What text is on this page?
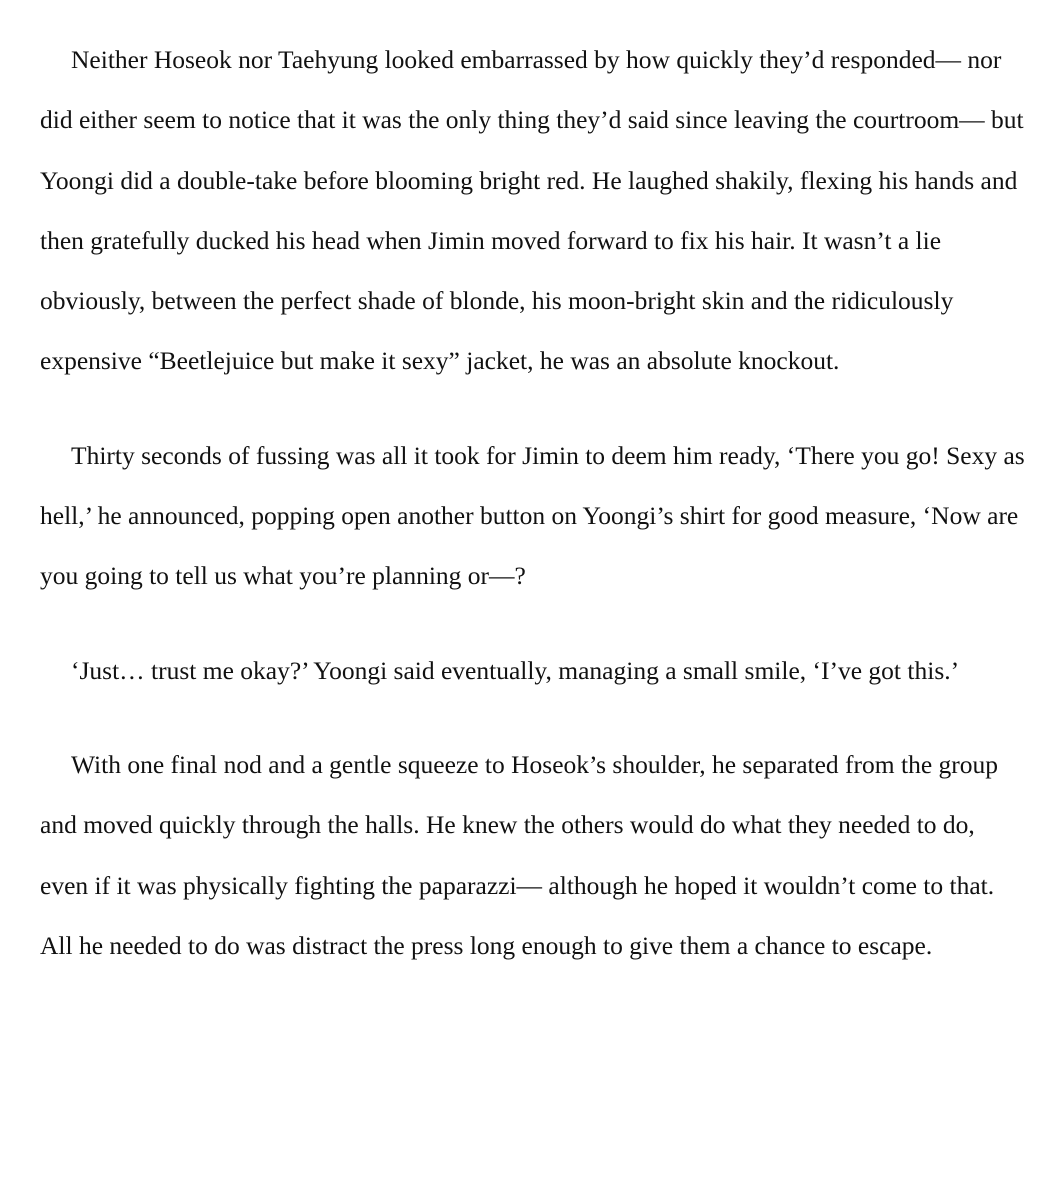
Neither Hoseok nor Taehyung looked embarrassed by how quickly they’d responded— nor did either seem to notice that it was the only thing they’d said since leaving the courtroom— but Yoongi did a double-take before blooming bright red. He laughed shakily, flexing his hands and then gratefully ducked his head when Jimin moved forward to fix his hair. It wasn’t a lie obviously, between the perfect shade of blonde, his moon-bright skin and the ridiculously expensive “Beetlejuice but make it sexy” jacket, he was an absolute knockout.

Thirty seconds of fussing was all it took for Jimin to deem him ready, ‘There you go! Sexy as hell,’ he announced, popping open another button on Yoongi’s shirt for good measure, ‘Now are you going to tell us what you’re planning or—?

‘Just… trust me okay?’ Yoongi said eventually, managing a small smile, ‘I’ve got this.’

With one final nod and a gentle squeeze to Hoseok’s shoulder, he separated from the group and moved quickly through the halls. He knew the others would do what they needed to do, even if it was physically fighting the paparazzi— although he hoped it wouldn’t come to that. All he needed to do was distract the press long enough to give them a chance to escape.
